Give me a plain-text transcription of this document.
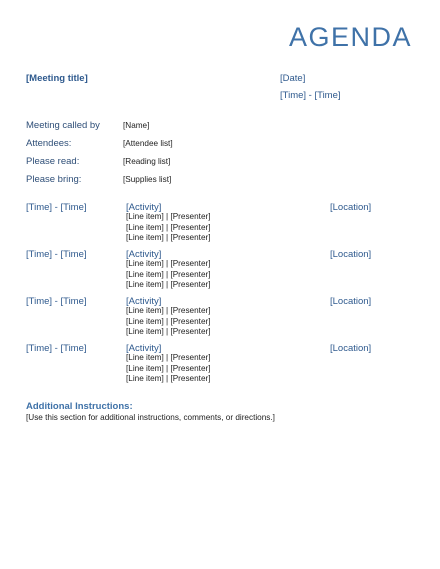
AGENDA
[Meeting title]	[Date]
[Time] - [Time]
Meeting called by	[Name]
Attendees:	[Attendee list]
Please read:	[Reading list]
Please bring:	[Supplies list]
[Time] - [Time]	[Activity]	[Location]
[Line item] | [Presenter]
[Line item] | [Presenter]
[Line item] | [Presenter]
[Time] - [Time]	[Activity]	[Location]
[Line item] | [Presenter]
[Line item] | [Presenter]
[Line item] | [Presenter]
[Time] - [Time]	[Activity]	[Location]
[Line item] | [Presenter]
[Line item] | [Presenter]
[Line item] | [Presenter]
[Time] - [Time]	[Activity]	[Location]
[Line item] | [Presenter]
[Line item] | [Presenter]
[Line item] | [Presenter]
Additional Instructions:
[Use this section for additional instructions, comments, or directions.]
